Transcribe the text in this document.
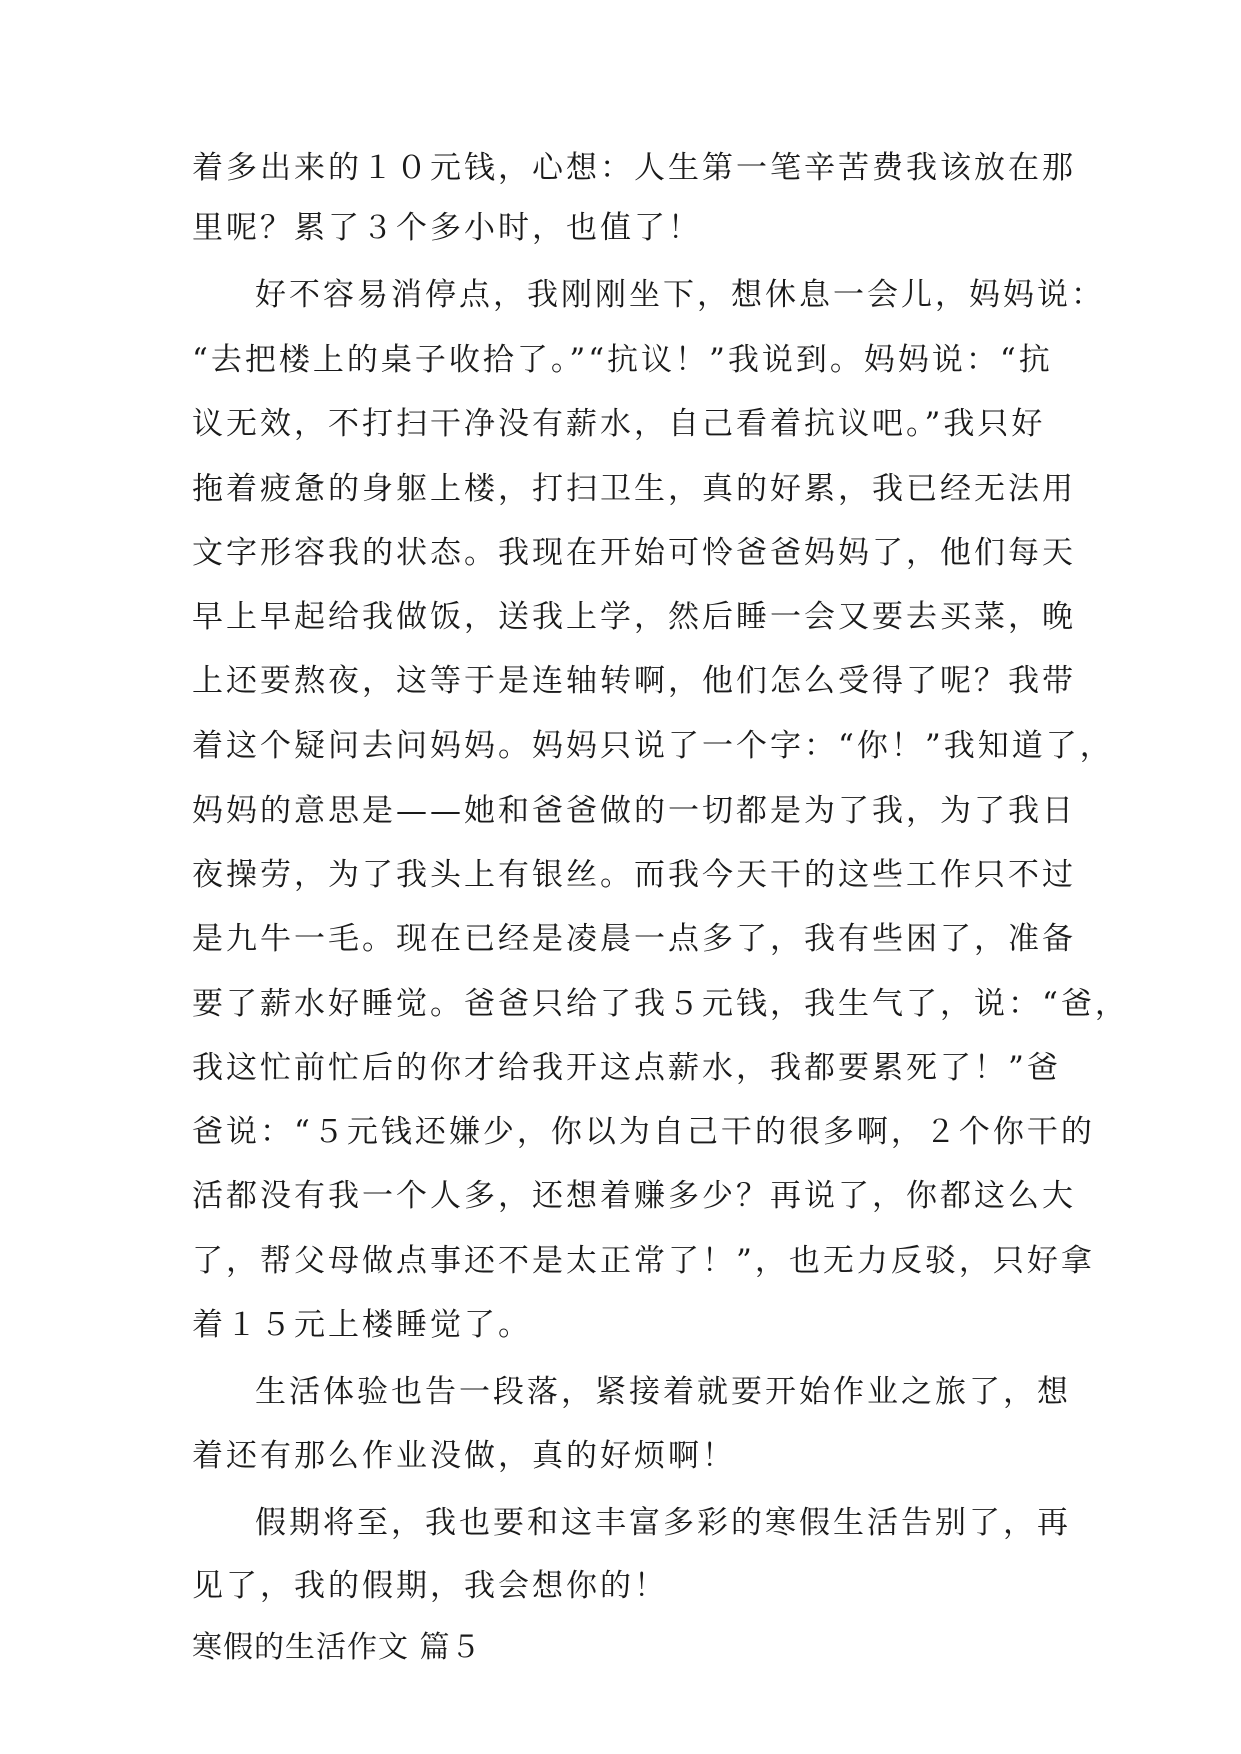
着多出来的１０元钱，心想：人生第一笔辛苦费我该放在那
里呢？累了３个多小时，也值了！
好不容易消停点，我刚刚坐下，想休息一会儿，妈妈说：
“去把楼上的桌子收拾了。”“抗议！”我说到。妈妈说：“抗
议无效，不打扫干净没有薪水，自己看着抗议吧。”我只好
拖着疲惫的身躯上楼，打扫卫生，真的好累，我已经无法用
文字形容我的状态。我现在开始可怜爸爸妈妈了，他们每天
早上早起给我做饭，送我上学，然后睡一会又要去买菜，晚
上还要熬夜，这等于是连轴转啊，他们怎么受得了呢？我带
着这个疑问去问妈妈。妈妈只说了一个字：“你！”我知道了，
妈妈的意思是——她和爸爸做的一切都是为了我，为了我日
夜操劳，为了我头上有银丝。而我今天干的这些工作只不过
是九牛一毛。现在已经是凌晨一点多了，我有些困了，准备
要了薪水好睡觉。爸爸只给了我５元钱，我生气了，说：“爸，
我这忙前忙后的你才给我开这点薪水，我都要累死了！”爸
爸说：“５元钱还嫌少，你以为自己干的很多啊，２个你干的
活都没有我一个人多，还想着赚多少？再说了，你都这么大
了，帮父母做点事还不是太正常了！”，也无力反驳，只好拿
着１５元上楼睡觉了。
生活体验也告一段落，紧接着就要开始作业之旅了，想
着还有那么作业没做，真的好烦啊！
假期将至，我也要和这丰富多彩的寒假生活告别了，再
见了，我的假期，我会想你的！
寒假的生活作文 篇５
